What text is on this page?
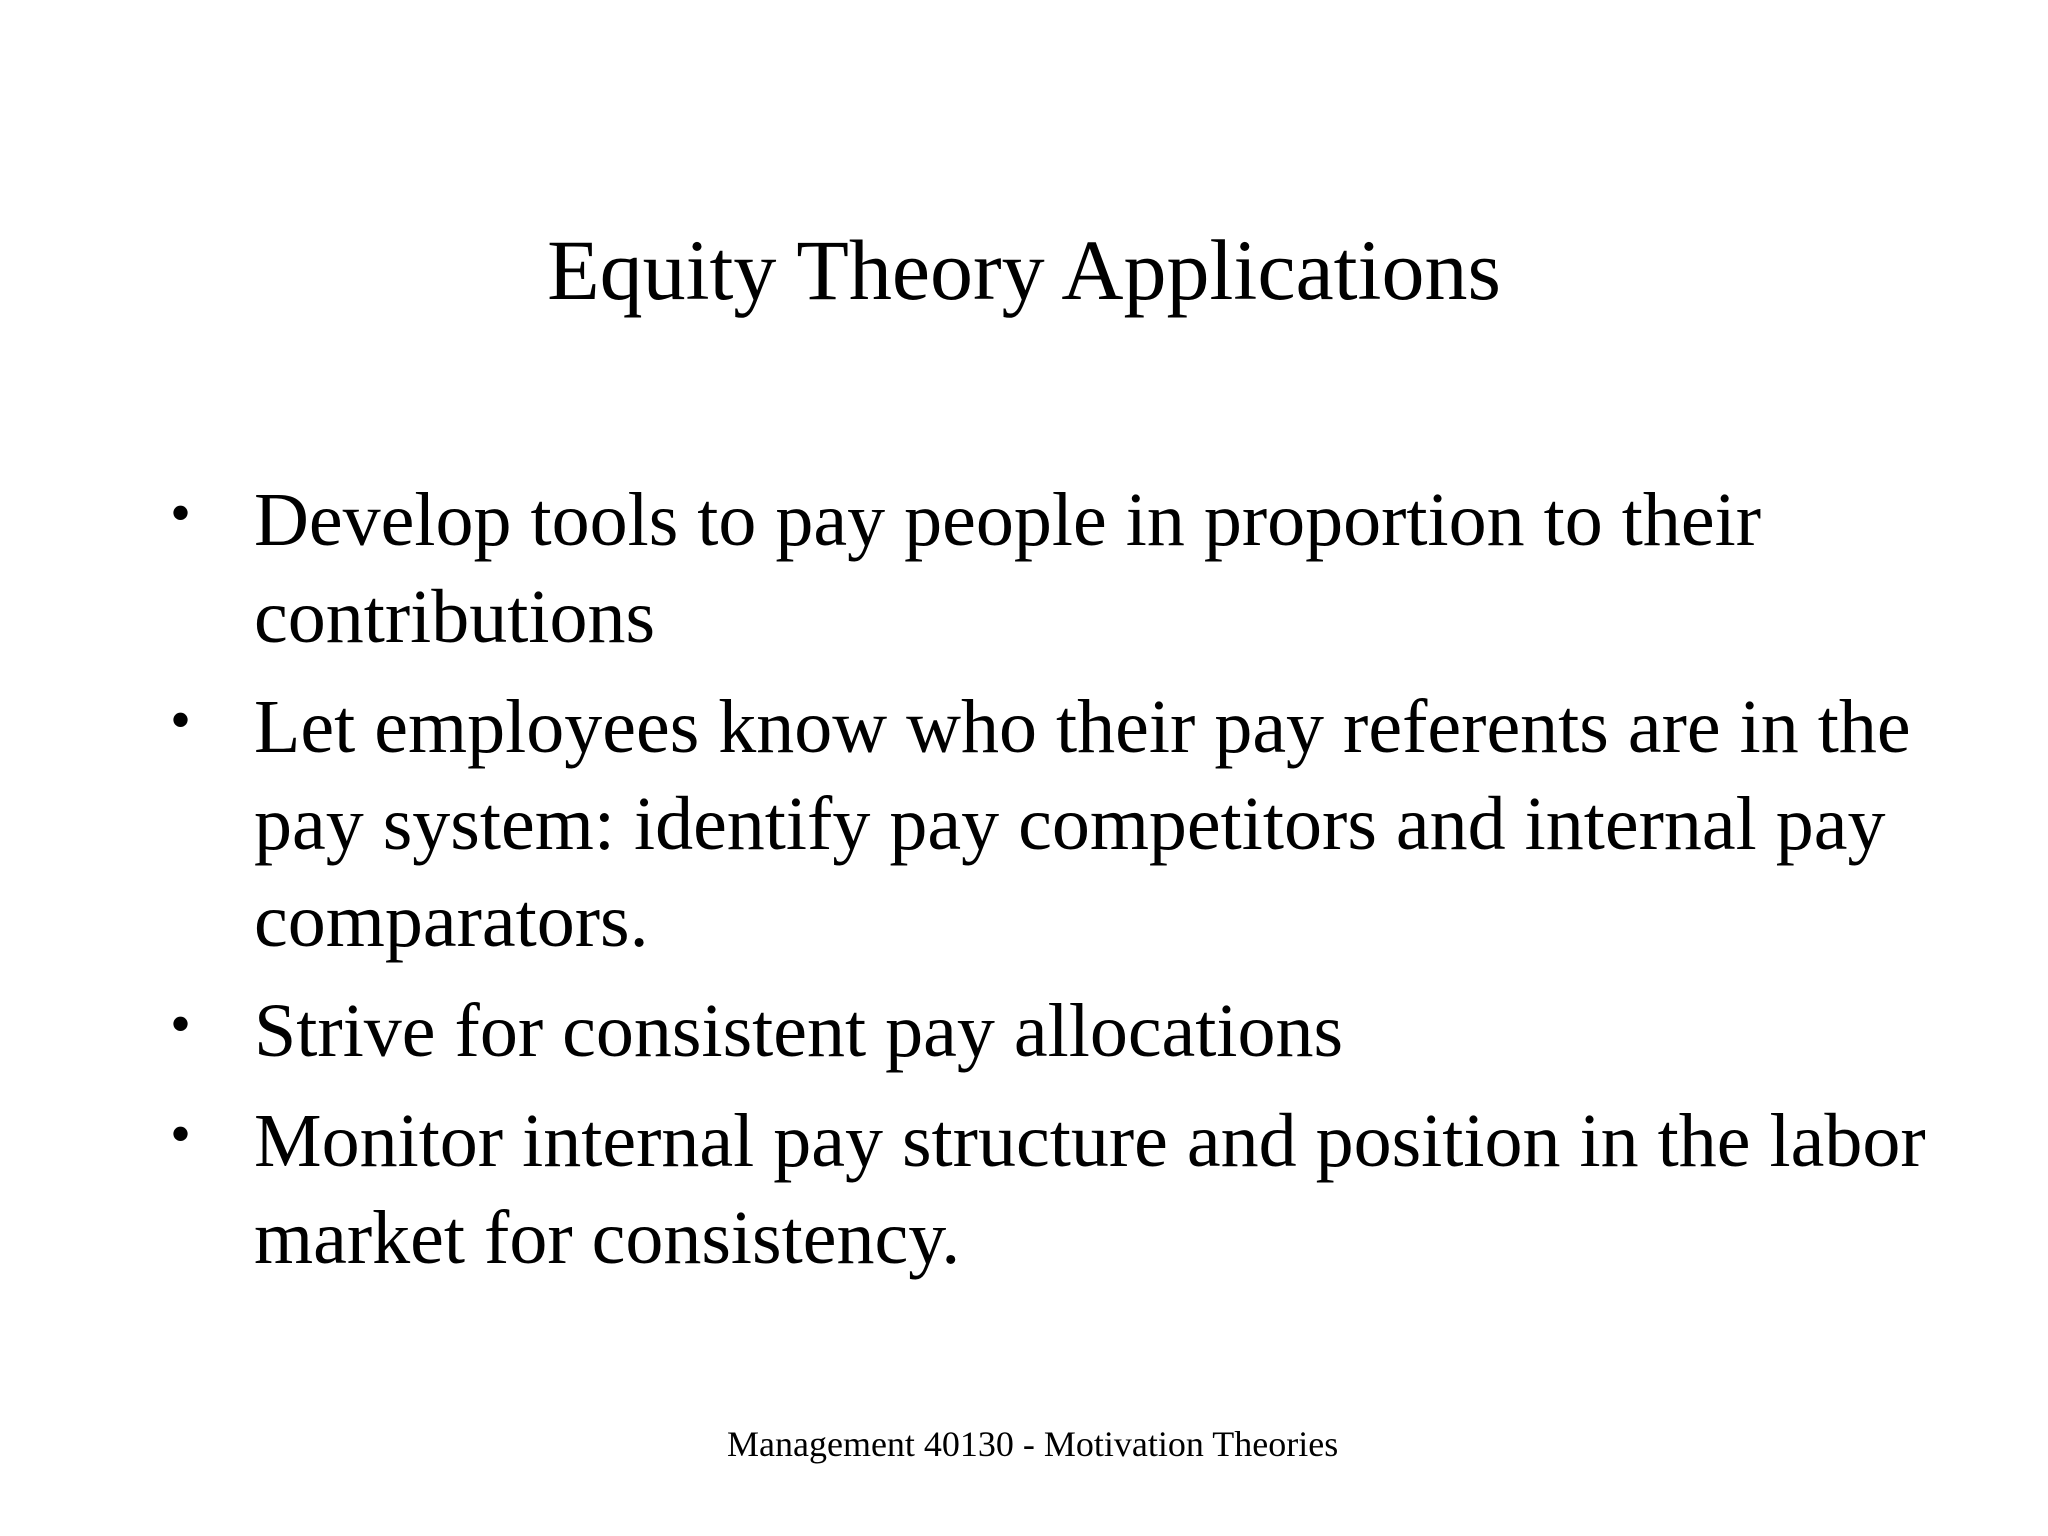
Equity Theory Applications
• Develop tools to pay people in proportion to their contributions
• Let employees know who their pay referents are in the pay system: identify pay competitors and internal pay comparators.
• Strive for consistent pay allocations
• Monitor internal pay structure and position in the labor market for consistency.
Management 40130 - Motivation Theories
